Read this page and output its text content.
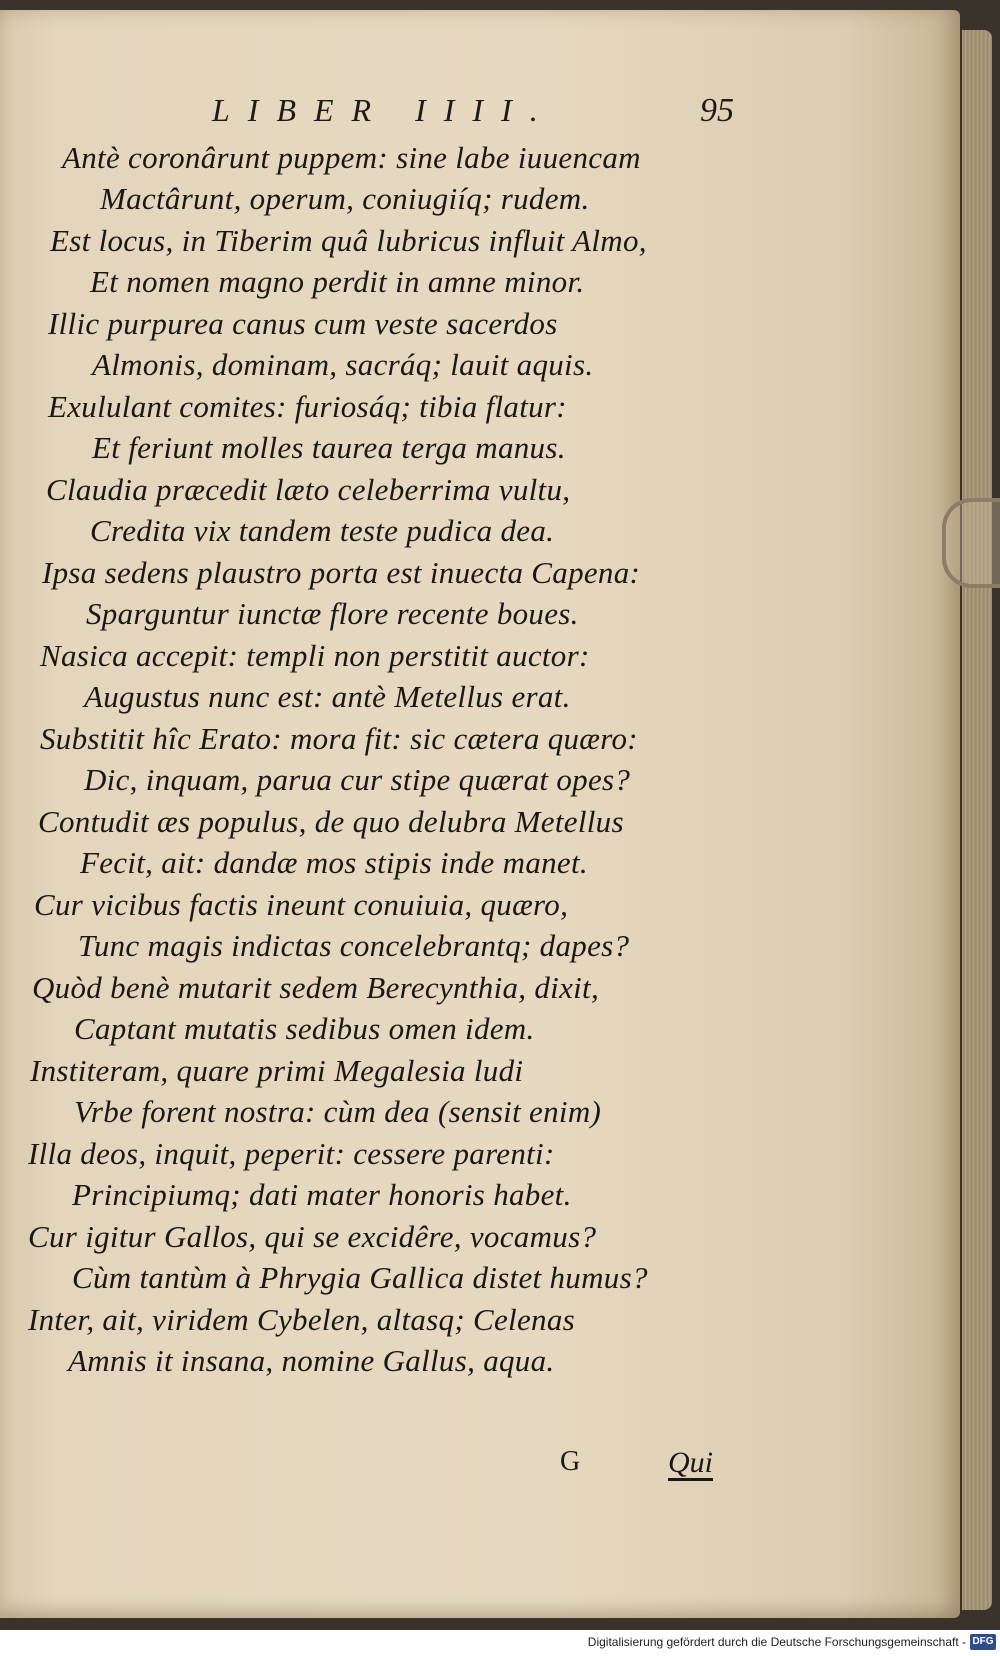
LIBER IIII.	95
Antè coronârunt puppem: sine labe iuuencam
Mactârunt, operum, coniugiíq; rudem.
Est locus, in Tiberim quâ lubricus influit Almo,
Et nomen magno perdit in amne minor.
Illic purpurea canus cum veste sacerdos
Almonis, dominam, sacráq; lauit aquis.
Exululant comites: furiosáq; tibia flatur:
Et feriunt molles taurea terga manus.
Claudia præcedit læto celeberrima vultu,
Credita vix tandem teste pudica dea.
Ipsa sedens plaustro porta est inuecta Capena:
Sparguntur iunctæ flore recente boues.
Nasica accepit: templi non perstitit auctor:
Augustus nunc est: antè Metellus erat.
Substitit hîc Erato: mora fit: sic cætera quæro:
Dic, inquam, parua cur stipe quærat opes?
Contudit æs populus, de quo delubra Metellus
Fecit, ait: dandæ mos stipis inde manet.
Cur vicibus factis ineunt conuiuia, quæro,
Tunc magis indictas concelebrantq; dapes?
Quòd benè mutarit sedem Berecynthia, dixit,
Captant mutatis sedibus omen idem.
Institeram, quare primi Megalesia ludi
Vrbe forent nostra: cùm dea (sensit enim)
Illa deos, inquit, peperit: cessere parenti:
Principiumq; dati mater honoris habet.
Cur igitur Gallos, qui se excidêre, vocamus?
Cùm tantùm à Phrygia Gallica distet humus?
Inter, ait, viridem Cybelen, altasq; Celenas
Amnis it insana, nomine Gallus, aqua.
G	Qui
Digitalisierung gefördert durch die Deutsche Forschungsgemeinschaft - DFG
